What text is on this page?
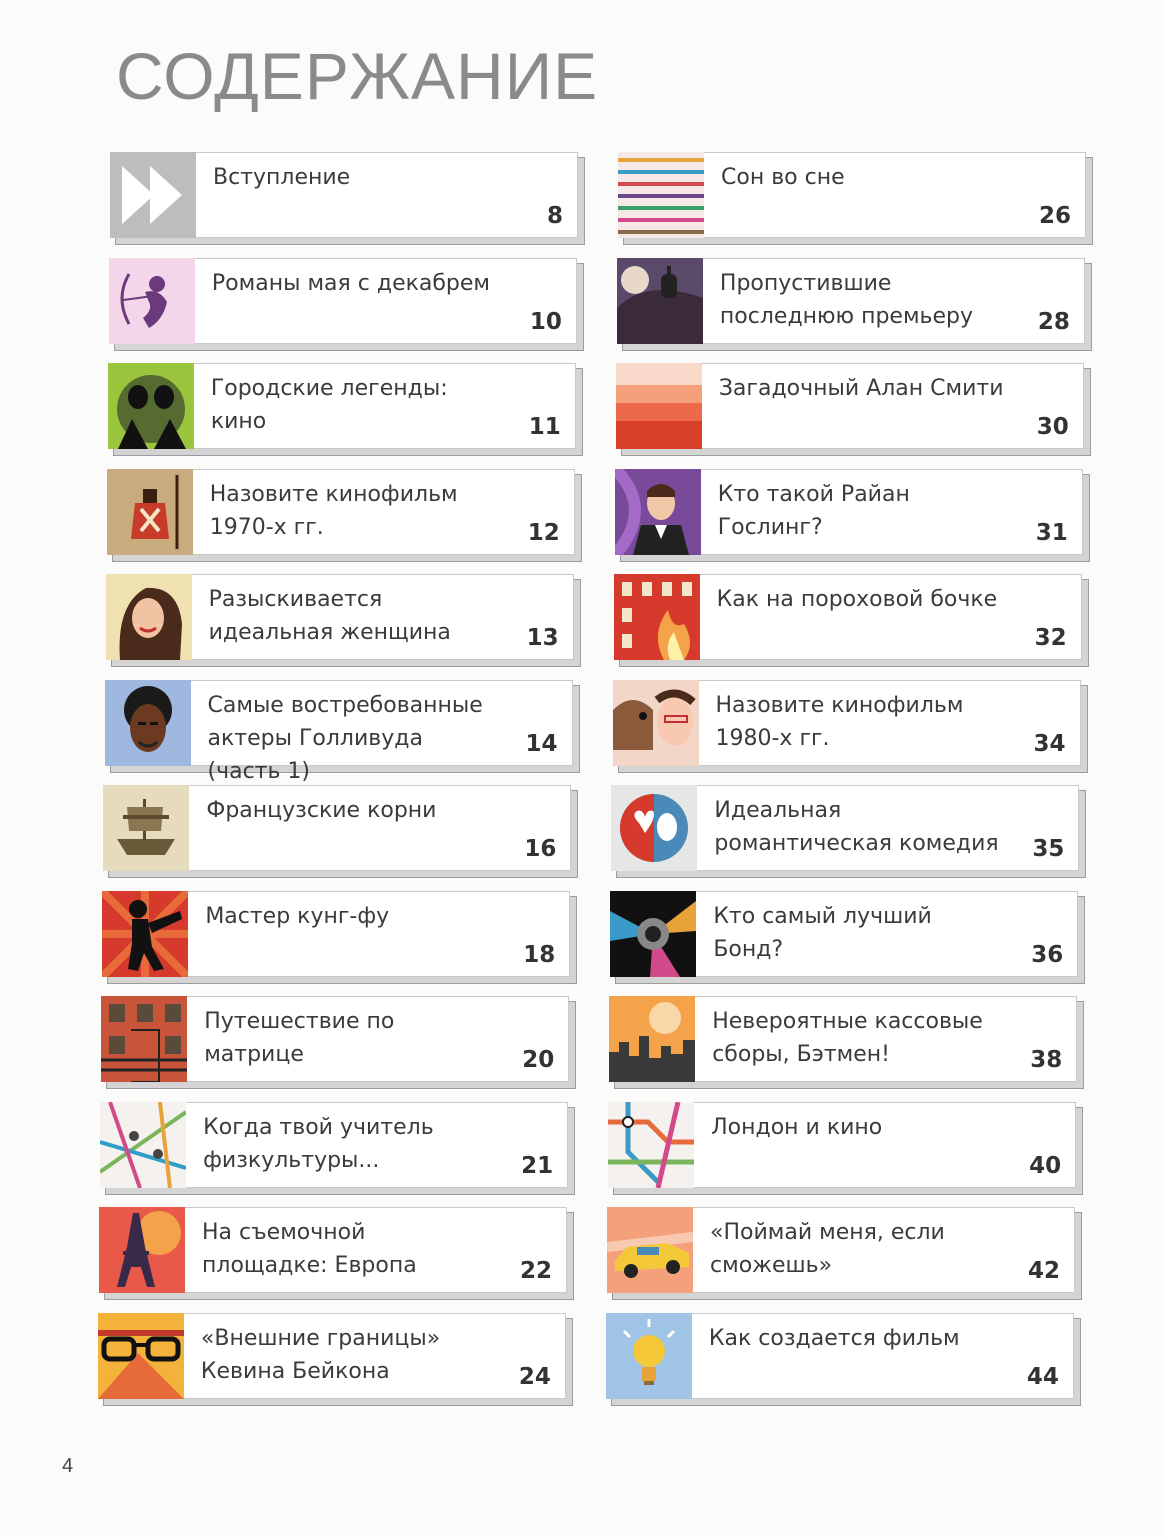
СОДЕРЖАНИЕ
Вступление
8
Романы мая с декабрем
10
Городские легенды: кино	11
Назовите кинофильм 1970-х гг.	12
Разыскивается идеальная женщина	13
Самые востребованные актеры Голливуда (часть 1)
14
Французские корни
16
Мастер кунг-фу
18
Путешествие по матрице	20
Когда твой учитель физкультуры...	21
На съемочной площадке: Европа	22
«Внешние границы» Кевина Бейкона	24
Сон во сне
26
Пропустившие последнюю премьеру	28
Загадочный Алан Смити
30
Кто такой Райан Гослинг?	31
Как на пороховой бочке
32
Назовите кинофильм 1980-х гг.	34
Идеальная романтическая комедия	35
Кто самый лучший Бонд?	36
Невероятные кассовые сборы, Бэтмен!	38
Лондон и кино
40
«Поймай меня, если сможешь»	42
Как создается фильм
44
4
